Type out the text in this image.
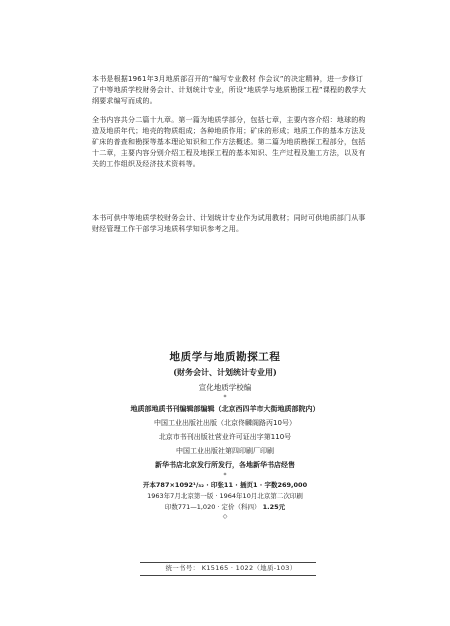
本书是根据1961年3月地质部召开的“编写专业教材 作会议”的决定精神，进一步修订了中等地质学校财务会计、计划统计专业，所设“地质学与地质勘探工程”课程的教学大纲要求编写而成的。

全书内容共分二篇十九章。第一篇为地质学部分，包括七章，主要内容介绍：地球的构造及地质年代；地壳的物质组成；各种地质作用；矿床的形成；地质工作的基本方法及矿床的普查和勘探等基本理论知识和工作方法概述。第二篇为地质勘探工程部分，包括十二章，主要内容分别介绍工程及地探工程的基本知识、生产过程及施工方法，以及有关的工作组织及经济技术资料等。

本书可供中等地质学校财务会计、计划统计专业作为试用教材；同时可供地质部门从事财经管理工作干部学习地质科学知识参考之用。

地质学与地质勘探工程

(财务会计、计划统计专业用)

宣化地质学校编

*

地质部地质书刊编辑部编辑（北京西四羊市大街地质部院内）

中国工业出版社出版（北京佟麟阁路丙10号）

北京市书刊出版社营业许可证出字第110号

中国工业出版社第四印刷厂印刷

新华书店北京发行所发行，各地新华书店经售

*

开本787×1092¹/₃₂ · 印张11 · 插页1 · 字数269,000

1963年7月北京第一版 · 1964年10月北京第二次印刷

印数771—1,020 · 定价（科四） 1.25元

◇

统一书号： K15165 · 1022（地质-103）
